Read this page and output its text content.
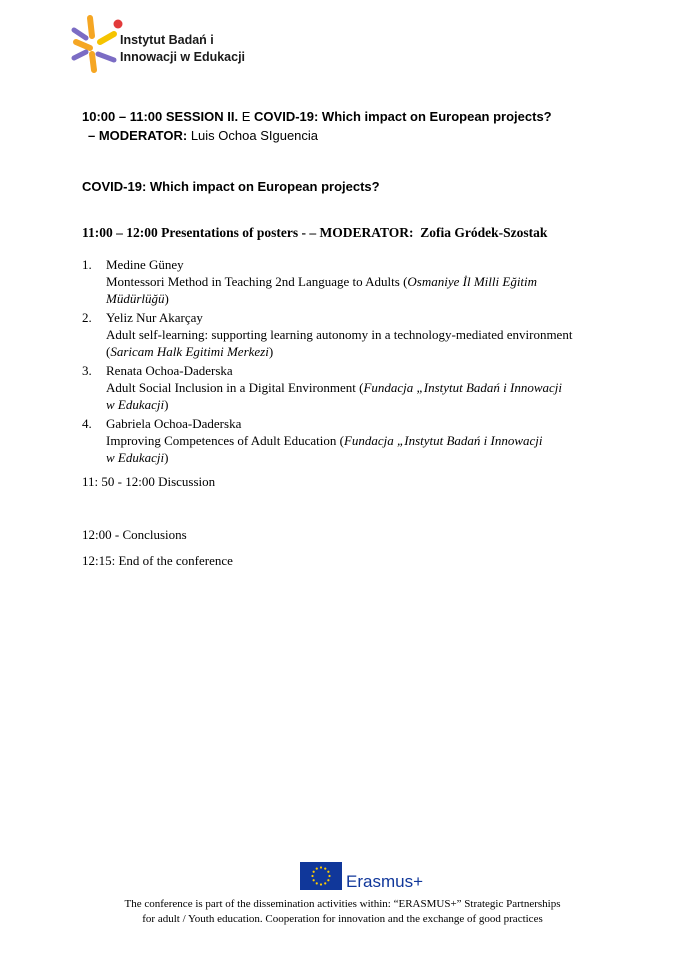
Instytut Badań i
Innowacji w Edukacji
10:00 – 11:00 SESSION II. E COVID-19: Which impact on European projects?
– MODERATOR: Luis Ochoa SIguencia
COVID-19: Which impact on European projects?
11:00 – 12:00 Presentations of posters - – MODERATOR: Zofia Gródek-Szostak
1. Medine Güney
Montessori Method in Teaching 2nd Language to Adults (Osmaniye İl Milli Eğitim
Müdürlüğü)
2. Yeliz Nur Akarçay
Adult self-learning: supporting learning autonomy in a technology-mediated environment
(Saricam Halk Egitimi Merkezi)
3. Renata Ochoa-Daderska
Adult Social Inclusion in a Digital Environment (Fundacja „Instytut Badań i Innowacji
w Edukacji)
4. Gabriela Ochoa-Daderska
Improving Competences of Adult Education (Fundacja „Instytut Badań i Innowacji
w Edukacji)
11: 50 - 12:00 Discussion
12:00 - Conclusions
12:15: End of the conference
Erasmus+
The conference is part of the dissemination activities within: “ERASMUS+” Strategic Partnerships
for adult / Youth education. Cooperation for innovation and the exchange of good practices
